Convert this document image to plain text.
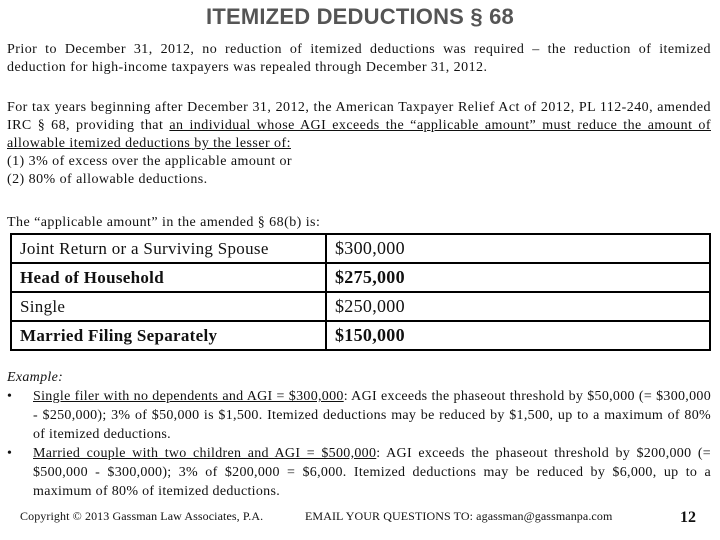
ITEMIZED DEDUCTIONS § 68
Prior to December 31, 2012, no reduction of itemized deductions was required – the reduction of itemized deduction for high-income taxpayers was repealed through December 31, 2012.
For tax years beginning after December 31, 2012, the American Taxpayer Relief Act of 2012, PL 112-240, amended IRC § 68, providing that an individual whose AGI exceeds the “applicable amount” must reduce the amount of allowable itemized deductions by the lesser of:
(1) 3% of excess over the applicable amount or
(2) 80% of allowable deductions.
The “applicable amount” in the amended § 68(b) is:
Joint Return or a Surviving Spouse	$300,000
Head of Household	$275,000
Single	$250,000
Married Filing Separately	$150,000
Example:
• Single filer with no dependents and AGI = $300,000: AGI exceeds the phaseout threshold by $50,000 (= $300,000 - $250,000); 3% of $50,000 is $1,500. Itemized deductions may be reduced by $1,500, up to a maximum of 80% of itemized deductions.
• Married couple with two children and AGI = $500,000: AGI exceeds the phaseout threshold by $200,000 (= $500,000 - $300,000); 3% of $200,000 = $6,000. Itemized deductions may be reduced by $6,000, up to a maximum of 80% of itemized deductions.
Copyright © 2013 Gassman Law Associates, P.A.	EMAIL YOUR QUESTIONS TO: agassman@gassmanpa.com	12
